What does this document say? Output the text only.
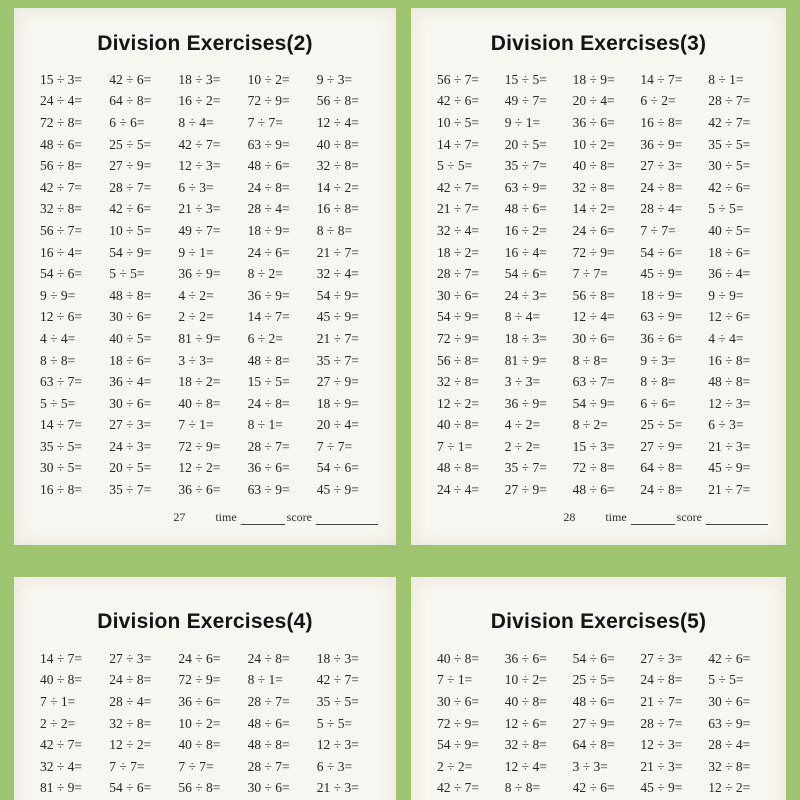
Division Exercises(2)
15 ÷ 3=	42 ÷ 6=	18 ÷ 3=	10 ÷ 2=	9 ÷ 3=
24 ÷ 4=	64 ÷ 8=	16 ÷ 2=	72 ÷ 9=	56 ÷ 8=
72 ÷ 8=	6 ÷ 6=	8 ÷ 4=	7 ÷ 7=	12 ÷ 4=
48 ÷ 6=	25 ÷ 5=	42 ÷ 7=	63 ÷ 9=	40 ÷ 8=
56 ÷ 8=	27 ÷ 9=	12 ÷ 3=	48 ÷ 6=	32 ÷ 8=
42 ÷ 7=	28 ÷ 7=	6 ÷ 3=	24 ÷ 8=	14 ÷ 2=
32 ÷ 8=	42 ÷ 6=	21 ÷ 3=	28 ÷ 4=	16 ÷ 8=
56 ÷ 7=	10 ÷ 5=	49 ÷ 7=	18 ÷ 9=	8 ÷ 8=
16 ÷ 4=	54 ÷ 9=	9 ÷ 1=	24 ÷ 6=	21 ÷ 7=
54 ÷ 6=	5 ÷ 5=	36 ÷ 9=	8 ÷ 2=	32 ÷ 4=
9 ÷ 9=	48 ÷ 8=	4 ÷ 2=	36 ÷ 9=	54 ÷ 9=
12 ÷ 6=	30 ÷ 6=	2 ÷ 2=	14 ÷ 7=	45 ÷ 9=
4 ÷ 4=	40 ÷ 5=	81 ÷ 9=	6 ÷ 2=	21 ÷ 7=
8 ÷ 8=	18 ÷ 6=	3 ÷ 3=	48 ÷ 8=	35 ÷ 7=
63 ÷ 7=	36 ÷ 4=	18 ÷ 2=	15 ÷ 5=	27 ÷ 9=
5 ÷ 5=	30 ÷ 6=	40 ÷ 8=	24 ÷ 8=	18 ÷ 9=
14 ÷ 7=	27 ÷ 3=	7 ÷ 1=	8 ÷ 1=	20 ÷ 4=
35 ÷ 5=	24 ÷ 3=	72 ÷ 9=	28 ÷ 7=	7 ÷ 7=
30 ÷ 5=	20 ÷ 5=	12 ÷ 2=	36 ÷ 6=	54 ÷ 6=
16 ÷ 8=	35 ÷ 7=	36 ÷ 6=	63 ÷ 9=	45 ÷ 9=
27	time	score
Division Exercises(3)
56 ÷ 7=	15 ÷ 5=	18 ÷ 9=	14 ÷ 7=	8 ÷ 1=
42 ÷ 6=	49 ÷ 7=	20 ÷ 4=	6 ÷ 2=	28 ÷ 7=
10 ÷ 5=	9 ÷ 1=	36 ÷ 6=	16 ÷ 8=	42 ÷ 7=
14 ÷ 7=	20 ÷ 5=	10 ÷ 2=	36 ÷ 9=	35 ÷ 5=
5 ÷ 5=	35 ÷ 7=	40 ÷ 8=	27 ÷ 3=	30 ÷ 5=
42 ÷ 7=	63 ÷ 9=	32 ÷ 8=	24 ÷ 8=	42 ÷ 6=
21 ÷ 7=	48 ÷ 6=	14 ÷ 2=	28 ÷ 4=	5 ÷ 5=
32 ÷ 4=	16 ÷ 2=	24 ÷ 6=	7 ÷ 7=	40 ÷ 5=
18 ÷ 2=	16 ÷ 4=	72 ÷ 9=	54 ÷ 6=	18 ÷ 6=
28 ÷ 7=	54 ÷ 6=	7 ÷ 7=	45 ÷ 9=	36 ÷ 4=
30 ÷ 6=	24 ÷ 3=	56 ÷ 8=	18 ÷ 9=	9 ÷ 9=
54 ÷ 9=	8 ÷ 4=	12 ÷ 4=	63 ÷ 9=	12 ÷ 6=
72 ÷ 9=	18 ÷ 3=	30 ÷ 6=	36 ÷ 6=	4 ÷ 4=
56 ÷ 8=	81 ÷ 9=	8 ÷ 8=	9 ÷ 3=	16 ÷ 8=
32 ÷ 8=	3 ÷ 3=	63 ÷ 7=	8 ÷ 8=	48 ÷ 8=
12 ÷ 2=	36 ÷ 9=	54 ÷ 9=	6 ÷ 6=	12 ÷ 3=
40 ÷ 8=	4 ÷ 2=	8 ÷ 2=	25 ÷ 5=	6 ÷ 3=
7 ÷ 1=	2 ÷ 2=	15 ÷ 3=	27 ÷ 9=	21 ÷ 3=
48 ÷ 8=	35 ÷ 7=	72 ÷ 8=	64 ÷ 8=	45 ÷ 9=
24 ÷ 4=	27 ÷ 9=	48 ÷ 6=	24 ÷ 8=	21 ÷ 7=
28	time	score
Division Exercises(4)
14 ÷ 7=	27 ÷ 3=	24 ÷ 6=	24 ÷ 8=	18 ÷ 3=
40 ÷ 8=	24 ÷ 8=	72 ÷ 9=	8 ÷ 1=	42 ÷ 7=
7 ÷ 1=	28 ÷ 4=	36 ÷ 6=	28 ÷ 7=	35 ÷ 5=
2 ÷ 2=	32 ÷ 8=	10 ÷ 2=	48 ÷ 6=	5 ÷ 5=
42 ÷ 7=	12 ÷ 2=	40 ÷ 8=	48 ÷ 8=	12 ÷ 3=
32 ÷ 4=	7 ÷ 7=	7 ÷ 7=	28 ÷ 7=	6 ÷ 3=
81 ÷ 9=	54 ÷ 6=	56 ÷ 8=	30 ÷ 6=	21 ÷ 3=
Division Exercises(5)
40 ÷ 8=	36 ÷ 6=	54 ÷ 6=	27 ÷ 3=	42 ÷ 6=
7 ÷ 1=	10 ÷ 2=	25 ÷ 5=	24 ÷ 8=	5 ÷ 5=
30 ÷ 6=	40 ÷ 8=	48 ÷ 6=	21 ÷ 7=	30 ÷ 6=
72 ÷ 9=	12 ÷ 6=	27 ÷ 9=	28 ÷ 7=	63 ÷ 9=
54 ÷ 9=	32 ÷ 8=	64 ÷ 8=	12 ÷ 3=	28 ÷ 4=
2 ÷ 2=	12 ÷ 4=	3 ÷ 3=	21 ÷ 3=	32 ÷ 8=
42 ÷ 7=	8 ÷ 8=	42 ÷ 6=	45 ÷ 9=	12 ÷ 2=
